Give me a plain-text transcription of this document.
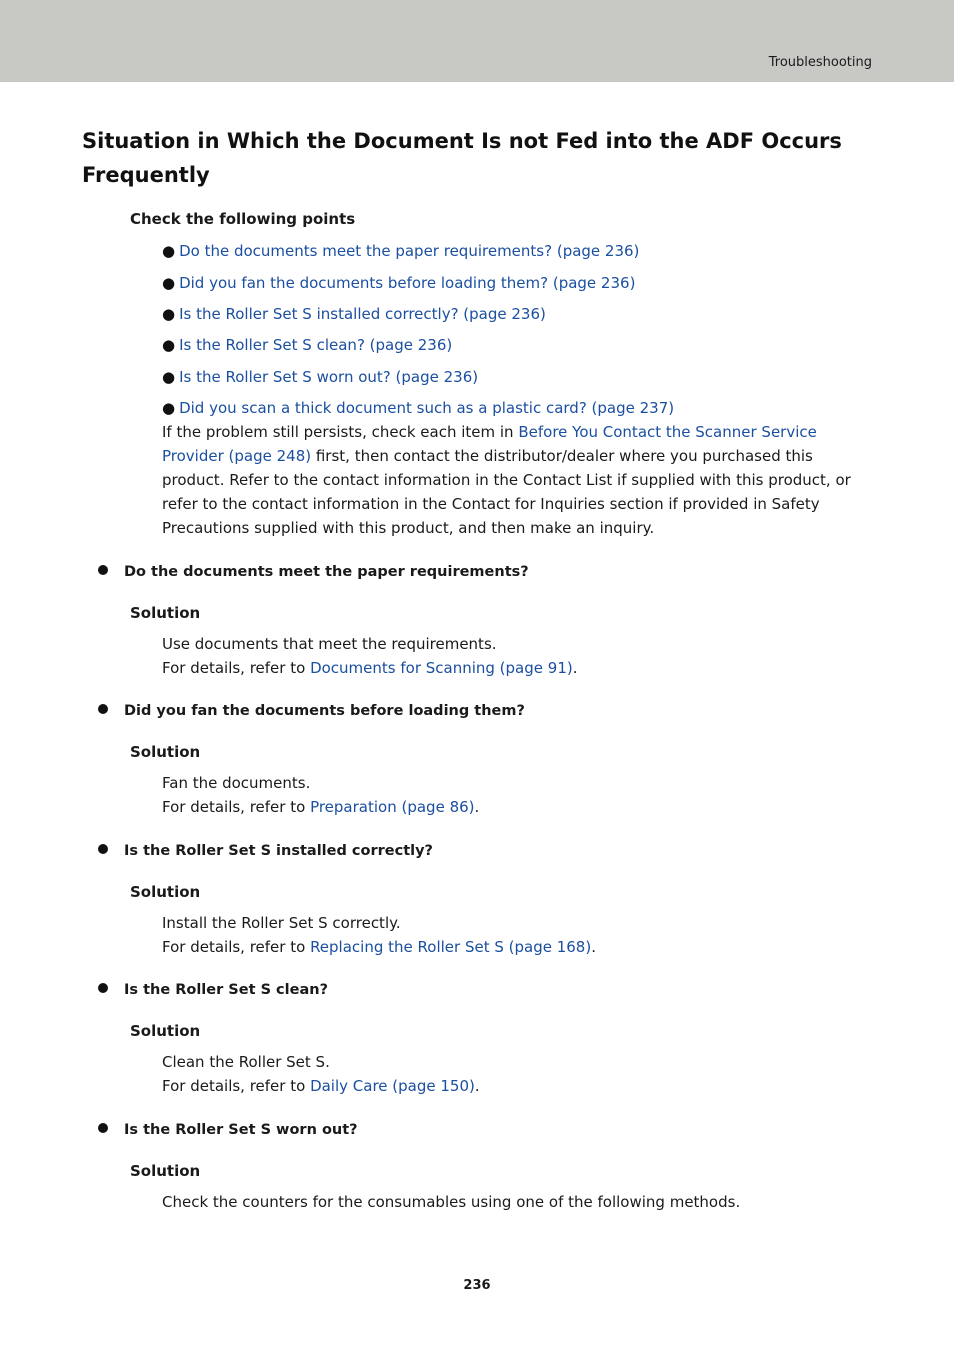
Troubleshooting
Situation in Which the Document Is not Fed into the ADF Occurs Frequently
Check the following points
● Do the documents meet the paper requirements? (page 236)
● Did you fan the documents before loading them? (page 236)
● Is the Roller Set S installed correctly? (page 236)
● Is the Roller Set S clean? (page 236)
● Is the Roller Set S worn out? (page 236)
● Did you scan a thick document such as a plastic card? (page 237)
If the problem still persists, check each item in Before You Contact the Scanner Service Provider (page 248) first, then contact the distributor/dealer where you purchased this product. Refer to the contact information in the Contact List if supplied with this product, or refer to the contact information in the Contact for Inquiries section if provided in Safety Precautions supplied with this product, and then make an inquiry.
Do the documents meet the paper requirements?
Solution
Use documents that meet the requirements.
For details, refer to Documents for Scanning (page 91).
Did you fan the documents before loading them?
Solution
Fan the documents.
For details, refer to Preparation (page 86).
Is the Roller Set S installed correctly?
Solution
Install the Roller Set S correctly.
For details, refer to Replacing the Roller Set S (page 168).
Is the Roller Set S clean?
Solution
Clean the Roller Set S.
For details, refer to Daily Care (page 150).
Is the Roller Set S worn out?
Solution
Check the counters for the consumables using one of the following methods.
236
